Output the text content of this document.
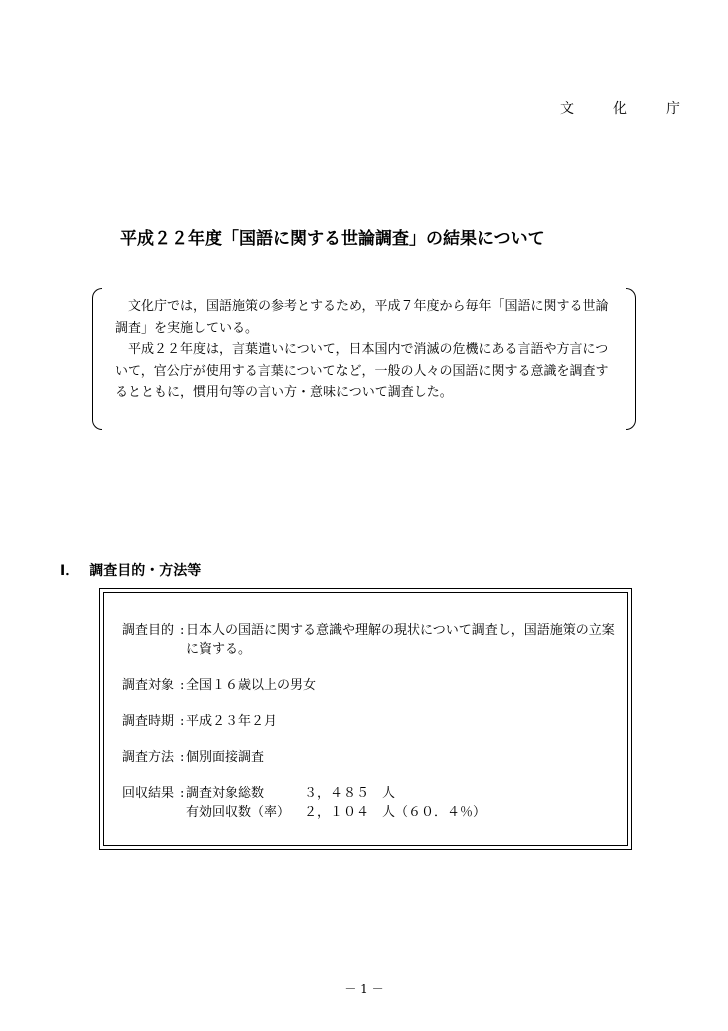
文	化	庁
平成２２年度「国語に関する世論調査」の結果について

文化庁では，国語施策の参考とするため，平成７年度から毎年「国語に関する世論調査」を実施している。

平成２２年度は，言葉遣いについて，日本国内で消滅の危機にある言語や方言について，官公庁が使用する言葉についてなど，一般の人々の国語に関する意識を調査するとともに，慣用句等の言い方・意味について調査した。

Ⅰ． 調査目的・方法等
調査目的 : 日本人の国語に関する意識や理解の現状について調査し，国語施策の立案に資する。
調査対象 : 全国１６歳以上の男女
調査時期 : 平成２３年２月
調査方法 : 個別面接調査
回収結果 : 調査対象総数	３，４８５ 人
有効回収数（率）	２，１０４ 人（６０．４％）
－ 1 －
